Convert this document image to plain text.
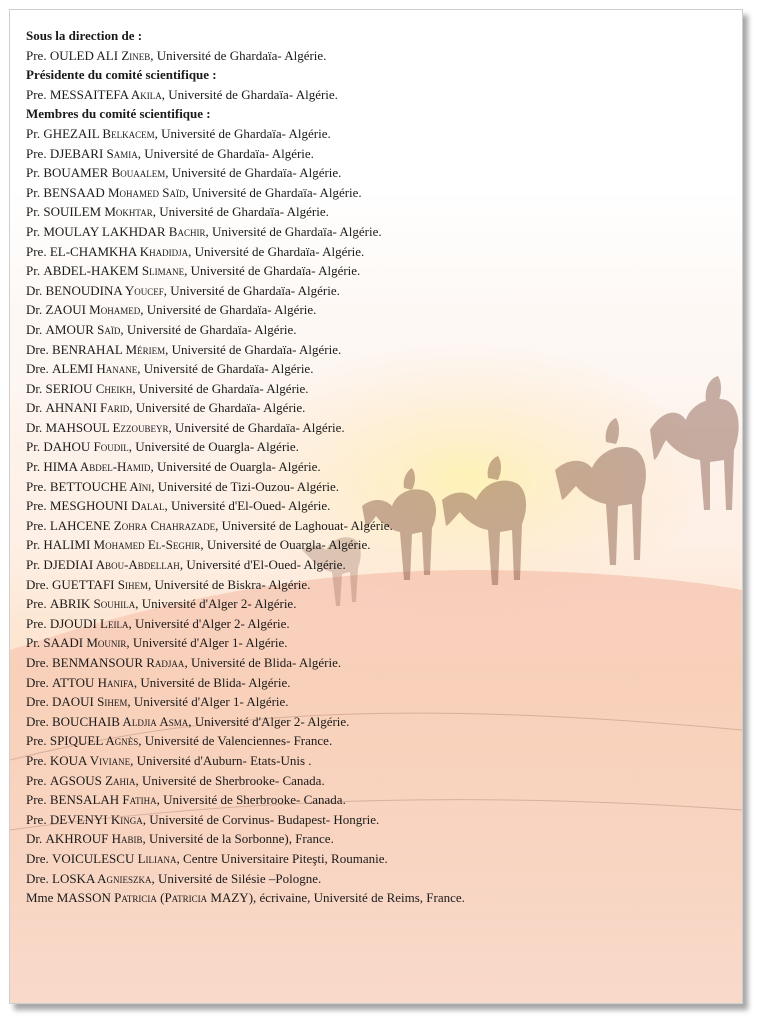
Sous la direction de :
Pre. OULED ALI Zineb, Université de Ghardaïa- Algérie.
Présidente du comité scientifique :
Pre. MESSAITEFA Akila, Université de Ghardaïa- Algérie.
Membres du comité scientifique :
Pr. GHEZAIL Belkacem, Université de Ghardaïa- Algérie.
Pre. DJEBARI Samia, Université de Ghardaïa- Algérie.
Pr. BOUAMER Bouaalem, Université de Ghardaïa- Algérie.
Pr. BENSAAD Mohamed Saïd, Université de Ghardaïa- Algérie.
Pr. SOUILEM Mokhtar, Université de Ghardaïa- Algérie.
Pr. MOULAY LAKHDAR Bachir, Université de Ghardaïa- Algérie.
Pre. EL-CHAMKHA Khadidja, Université de Ghardaïa- Algérie.
Pr. ABDEL-HAKEM Slimane, Université de Ghardaïa- Algérie.
Dr. BENOUDINA Youcef, Université de Ghardaïa- Algérie.
Dr. ZAOUI Mohamed, Université de Ghardaïa- Algérie.
Dr. AMOUR Saïd, Université de Ghardaïa- Algérie.
Dre. BENRAHAL Mériem, Université de Ghardaïa- Algérie.
Dre. ALEMI Hanane, Université de Ghardaïa- Algérie.
Dr. SERIOU Cheikh, Université de Ghardaïa- Algérie.
Dr. AHNANI Farid, Université de Ghardaïa- Algérie.
Dr. MAHSOUL Ezzoubeyr, Université de Ghardaïa- Algérie.
Pr. DAHOU Foudil, Université de Ouargla- Algérie.
Pr. HIMA Abdel-Hamid, Université de Ouargla- Algérie.
Pre. BETTOUCHE Aïni, Université de Tizi-Ouzou- Algérie.
Pre. MESGHOUNI Dalal, Université d'El-Oued- Algérie.
Pre. LAHCENE Zohra Chahrazade, Université de Laghouat- Algérie.
Pr. HALIMI Mohamed El-Seghir, Université de Ouargla- Algérie.
Pr. DJEDIAI Abou-Abdellah, Université d'El-Oued- Algérie.
Dre. GUETTAFI Sihem, Université de Biskra- Algérie.
Pre. ABRIK Souhila, Université d'Alger 2- Algérie.
Pre. DJOUDI Leila, Université d'Alger 2- Algérie.
Pr. SAADI Mounir, Université d'Alger 1- Algérie.
Dre. BENMANSOUR Radjaa, Université de Blida- Algérie.
Dre. ATTOU Hanifa, Université de Blida- Algérie.
Dre. DAOUI Sihem, Université d'Alger 1- Algérie.
Dre. BOUCHAIB Aldjia Asma, Université d'Alger 2- Algérie.
Pre. SPIQUEL Agnès, Université de Valenciennes- France.
Pre. KOUA Viviane, Université d'Auburn- Etats-Unis .
Pre. AGSOUS Zahia, Université de Sherbrooke- Canada.
Pre. BENSALAH Fatiha, Université de Sherbrooke- Canada.
Pre. DEVENYI Kinga, Université de Corvinus- Budapest- Hongrie.
Dr. AKHROUF Habib, Université de la Sorbonne), France.
Dre. VOICULESCU Liliana, Centre Universitaire Piteşti, Roumanie.
Dre. LOSKA Agnieszka, Université de Silésie –Pologne.
Mme MASSON Patricia (Patricia MAZY), écrivaine, Université de Reims, France.
